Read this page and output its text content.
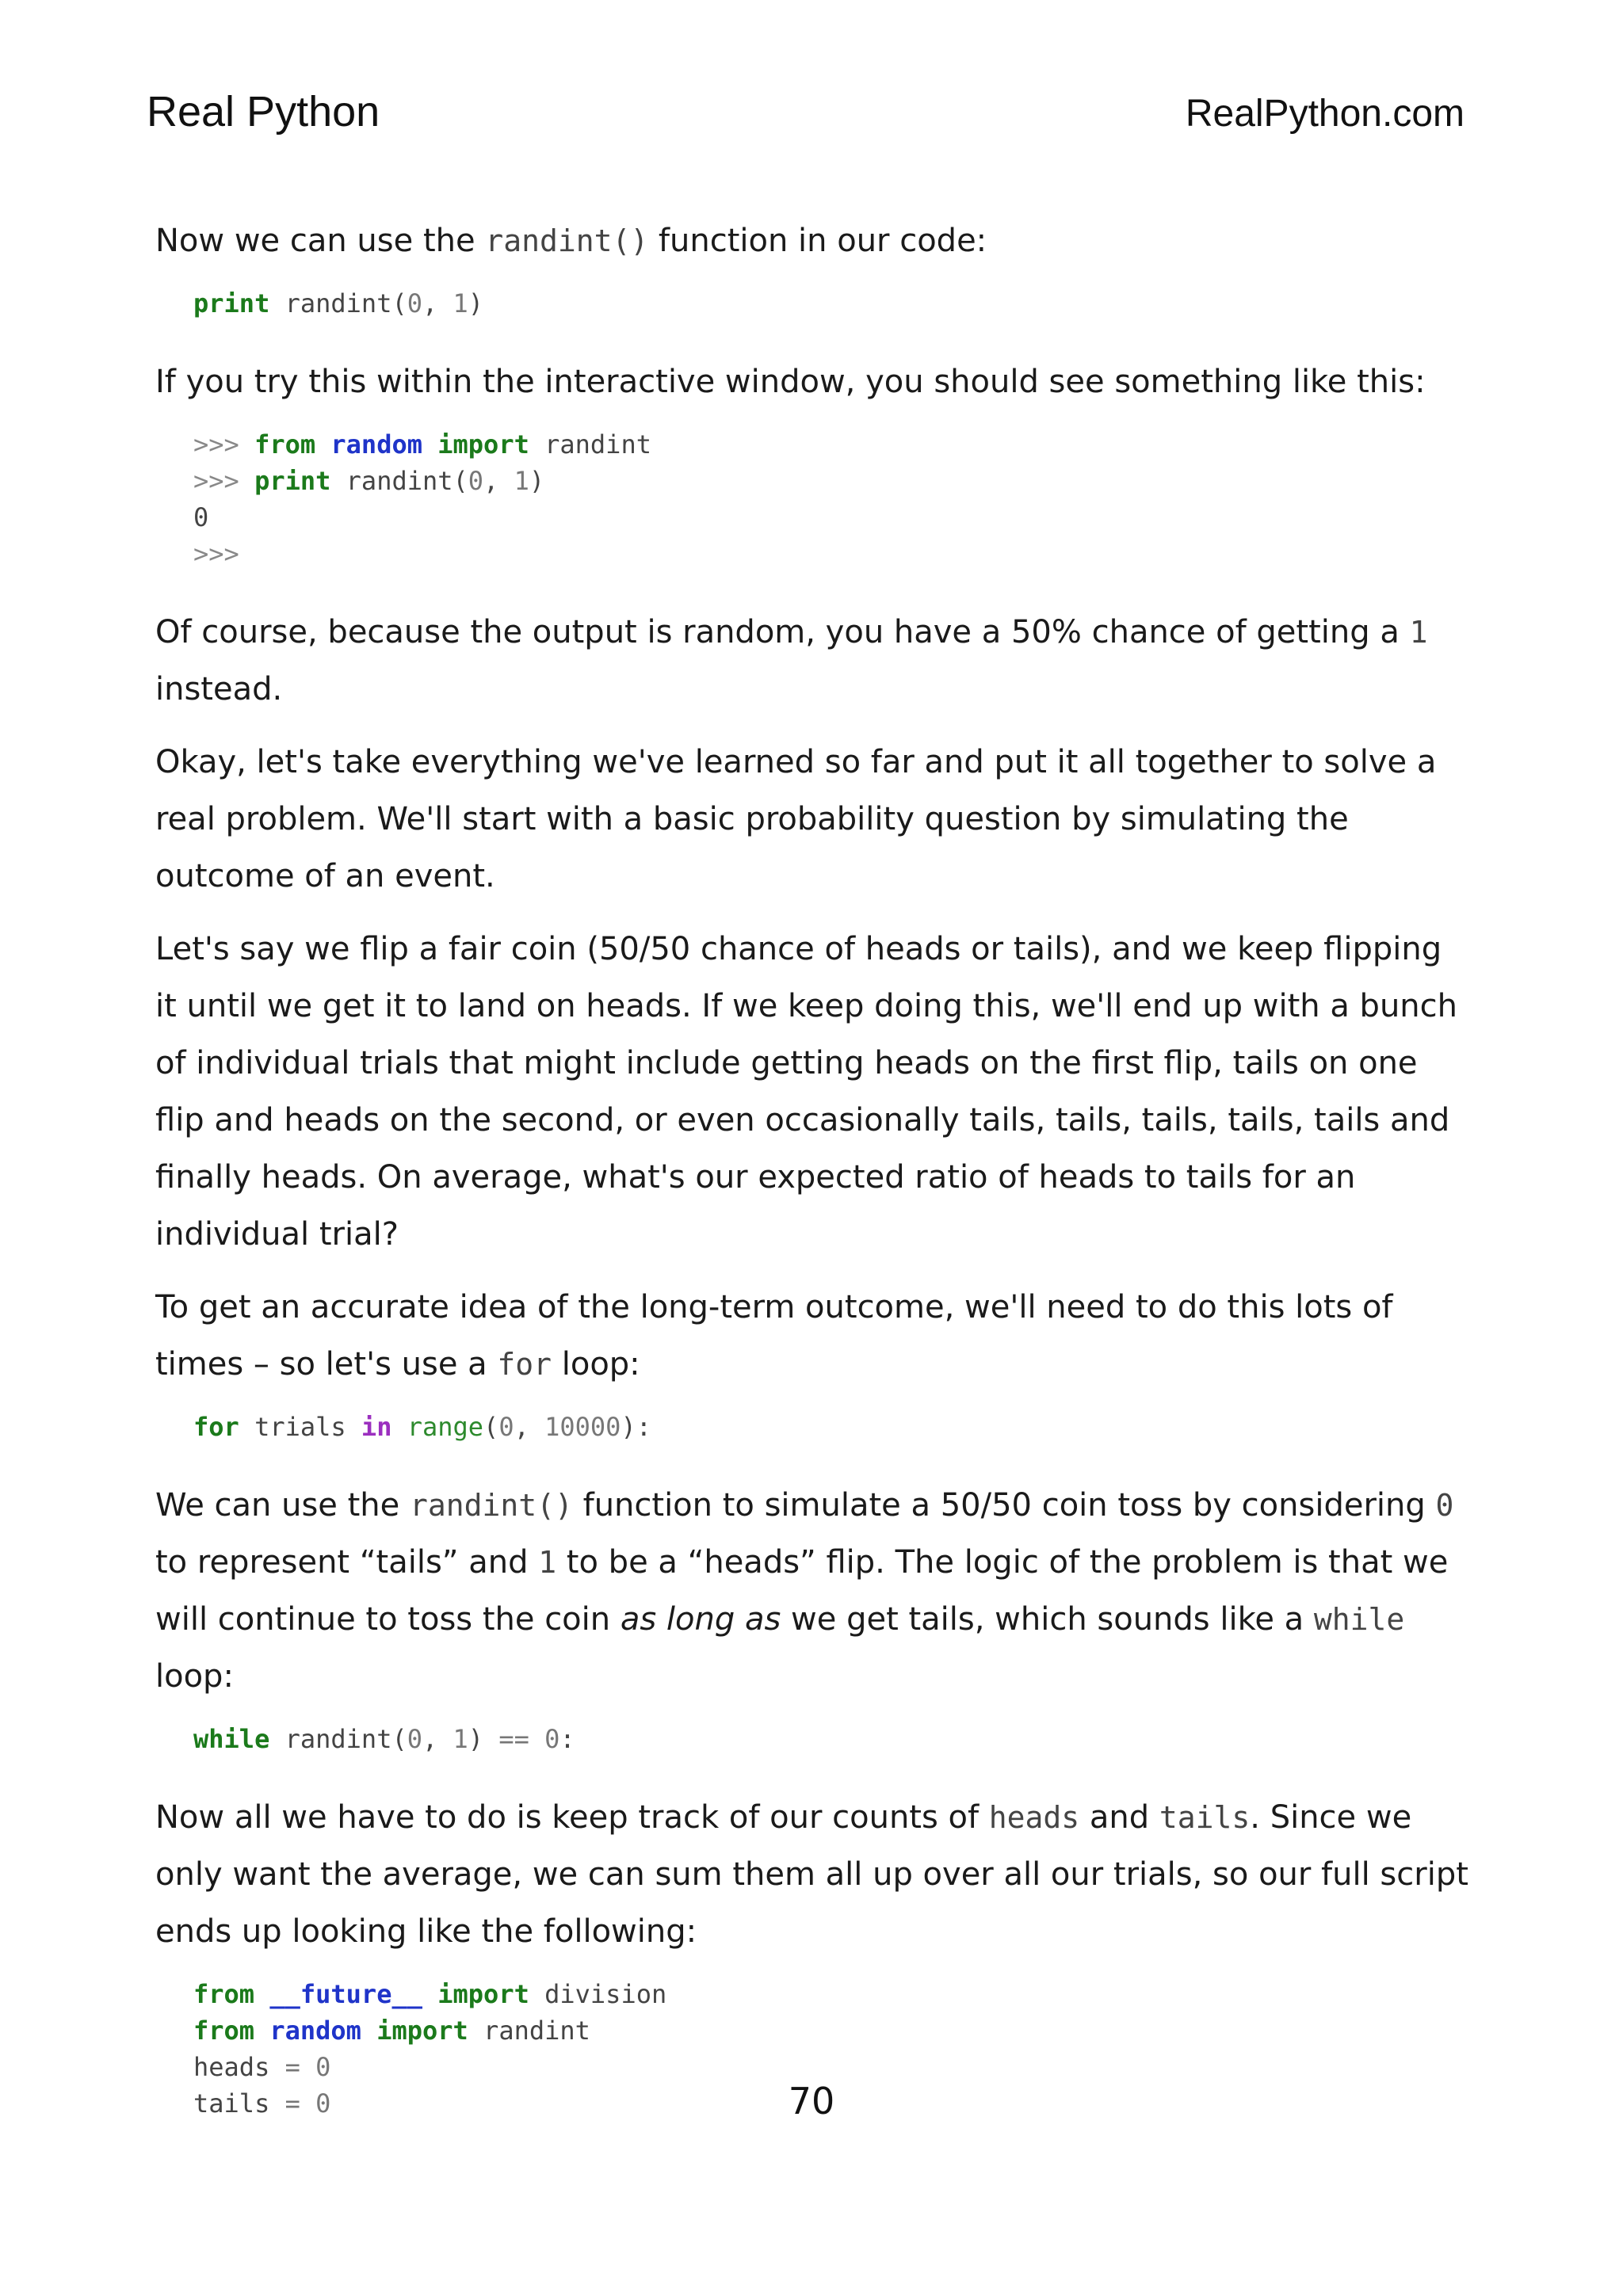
Real Python	RealPython.com

Now we can use the randint() function in our code:

print randint(0, 1)

If you try this within the interactive window, you should see something like this:

>>> from random import randint
>>> print randint(0, 1)
0
>>>

Of course, because the output is random, you have a 50% chance of getting a 1 instead.

Okay, let's take everything we've learned so far and put it all together to solve a real problem. We'll start with a basic probability question by simulating the outcome of an event.

Let's say we flip a fair coin (50/50 chance of heads or tails), and we keep flipping it until we get it to land on heads. If we keep doing this, we'll end up with a bunch of individual trials that might include getting heads on the first flip, tails on one flip and heads on the second, or even occasionally tails, tails, tails, tails, tails and finally heads. On average, what's our expected ratio of heads to tails for an individual trial?

To get an accurate idea of the long-term outcome, we'll need to do this lots of times – so let's use a for loop:

for trials in range(0, 10000):

We can use the randint() function to simulate a 50/50 coin toss by considering 0 to represent “tails” and 1 to be a “heads” flip. The logic of the problem is that we will continue to toss the coin as long as we get tails, which sounds like a while loop:

while randint(0, 1) == 0:

Now all we have to do is keep track of our counts of heads and tails. Since we only want the average, we can sum them all up over all our trials, so our full script ends up looking like the following:

from __future__ import division
from random import randint
heads = 0
tails = 0	70
